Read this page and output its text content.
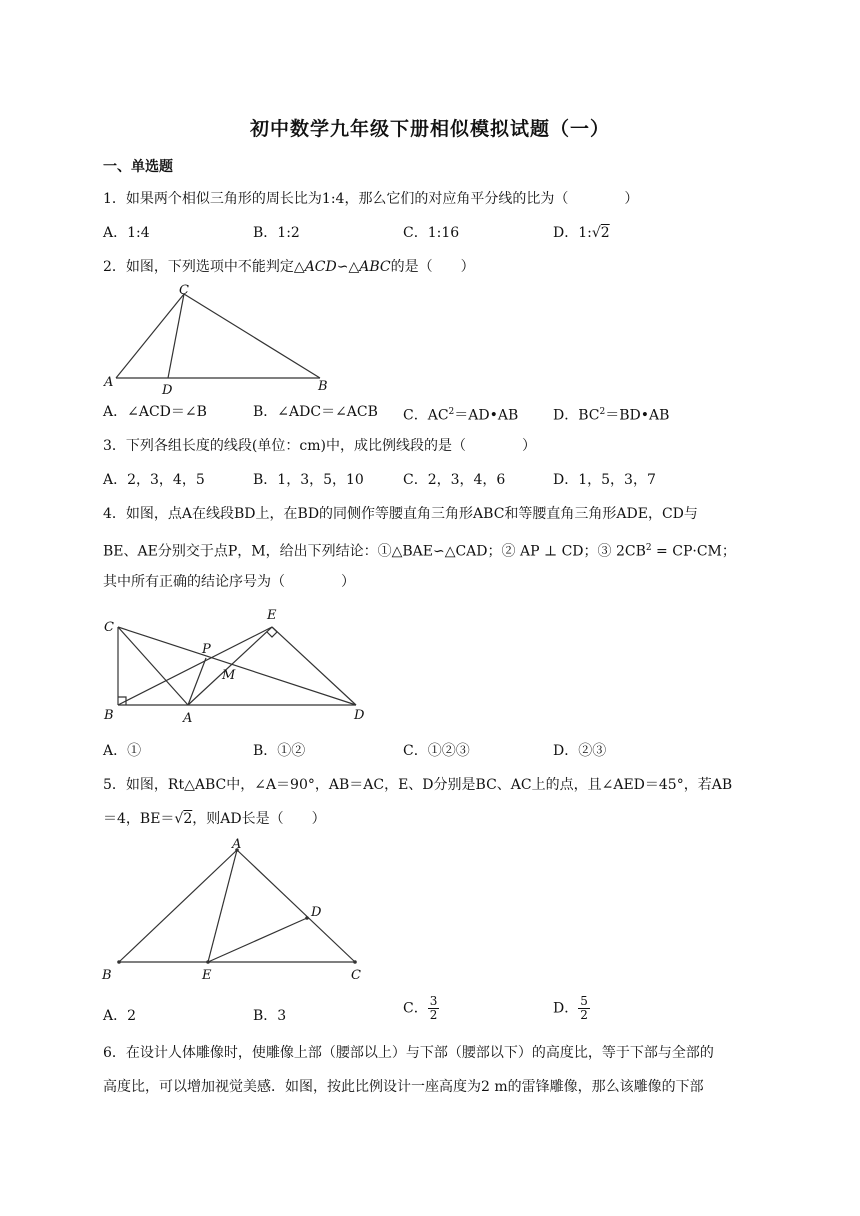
初中数学九年级下册相似模拟试题（一）
一、单选题
1．如果两个相似三角形的周长比为1:4，那么它们的对应角平分线的比为（　　　　）
A．1:4	B．1:2	C．1:16	D．1:√2
2．如图，下列选项中不能判定△ACD∽△ABC的是（　　）
C
A
D	B
A．∠ACD＝∠B	B．∠ADC＝∠ACB C．$AC^2=AD•AB$ D．$BC^2=BD•AB$
3．下列各组长度的线段(单位：cm)中，成比例线段的是（　　　　）
A．2，3，4，5	B．1，3，5，10	C．2，3，4，6	D．1，5，3，7
4．如图，点A在线段BD上，在BD的同侧作等腰直角三角形ABC和等腰直角三角形ADE，CD与
BE、AE分别交于点P，M，给出下列结论：①△BAE∽△CAD；② AP ⊥ CD；③ $2CB^2 = CP\cdot CM$；
其中所有正确的结论序号为（　　　　）
C
E
P
M
B	A	D
A．①	B．①②	C．①②③	D．②③
5．如图，Rt△ABC中，∠A＝90°，AB＝AC，E、D分别是BC、AC上的点，且∠AED＝45°，若AB
＝4，BE＝√2，则AD长是（　　）
A
D
B	E	C
A．2	B．3	C． $\frac{3}{2}$	D． $\frac{5}{2}$
6．在设计人体雕像时，使雕像上部（腰部以上）与下部（腰部以下）的高度比，等于下部与全部的
高度比，可以增加视觉美感．如图，按此比例设计一座高度为2 m的雷锋雕像，那么该雕像的下部
